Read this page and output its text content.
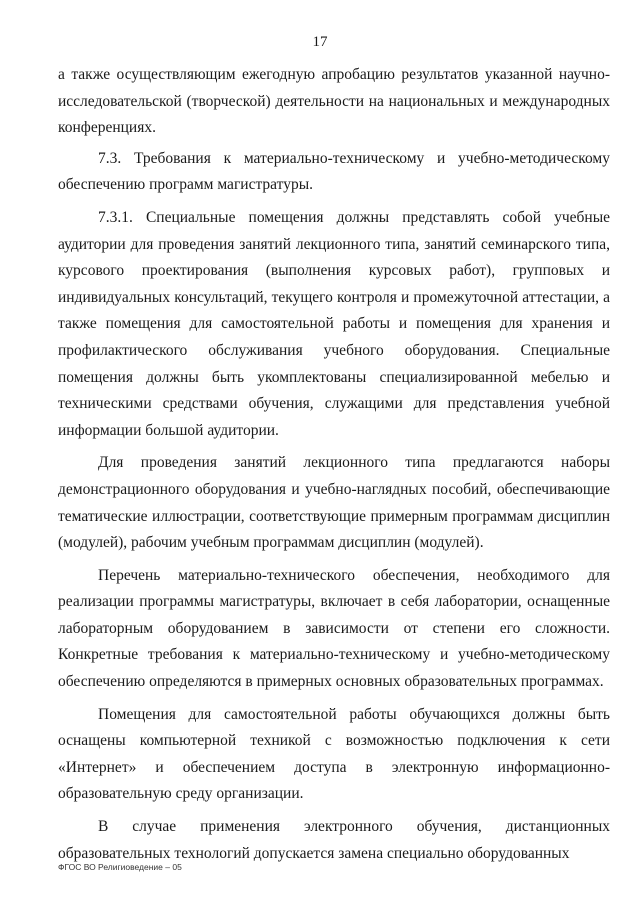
17

а также осуществляющим ежегодную апробацию результатов указанной научно-исследовательской (творческой) деятельности на национальных и международных конференциях.

7.3. Требования к материально-техническому и учебно-методическому обеспечению программ магистратуры.

7.3.1. Специальные помещения должны представлять собой учебные аудитории для проведения занятий лекционного типа, занятий семинарского типа, курсового проектирования (выполнения курсовых работ), групповых и индивидуальных консультаций, текущего контроля и промежуточной аттестации, а также помещения для самостоятельной работы и помещения для хранения и профилактического обслуживания учебного оборудования. Специальные помещения должны быть укомплектованы специализированной мебелью и техническими средствами обучения, служащими для представления учебной информации большой аудитории.

Для проведения занятий лекционного типа предлагаются наборы демонстрационного оборудования и учебно-наглядных пособий, обеспечивающие тематические иллюстрации, соответствующие примерным программам дисциплин (модулей), рабочим учебным программам дисциплин (модулей).

Перечень материально-технического обеспечения, необходимого для реализации программы магистратуры, включает в себя лаборатории, оснащенные лабораторным оборудованием в зависимости от степени его сложности. Конкретные требования к материально-техническому и учебно-методическому обеспечению определяются в примерных основных образовательных программах.

Помещения для самостоятельной работы обучающихся должны быть оснащены компьютерной техникой с возможностью подключения к сети «Интернет» и обеспечением доступа в электронную информационно-образовательную среду организации.

В случае применения электронного обучения, дистанционных образовательных технологий допускается замена специально оборудованных

ФГОС ВО Религиоведение – 05
